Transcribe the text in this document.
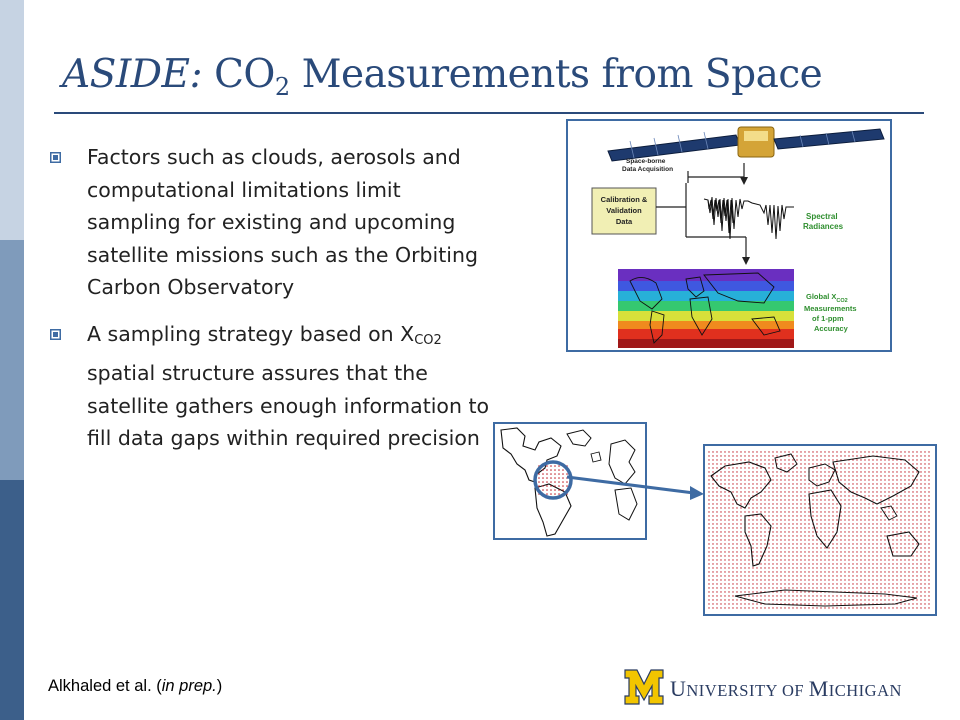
ASIDE: $CO_2$ Measurements from Space
Factors such as clouds, aerosols and computational limitations limit sampling for existing and upcoming satellite missions such as the Orbiting Carbon Observatory
A sampling strategy based on $X_{CO2}$ spatial structure assures that the satellite gathers enough information to fill data gaps within required precision
Space-borne
Data Acquisition
Calibration &
Validation
Data
Spectral
Radiances
Global $X_{CO2}$
Measurements
of 1-ppm
Accuracy
Alkhaled et al. (in prep.)	UNIVERSITY OF MICHIGAN
